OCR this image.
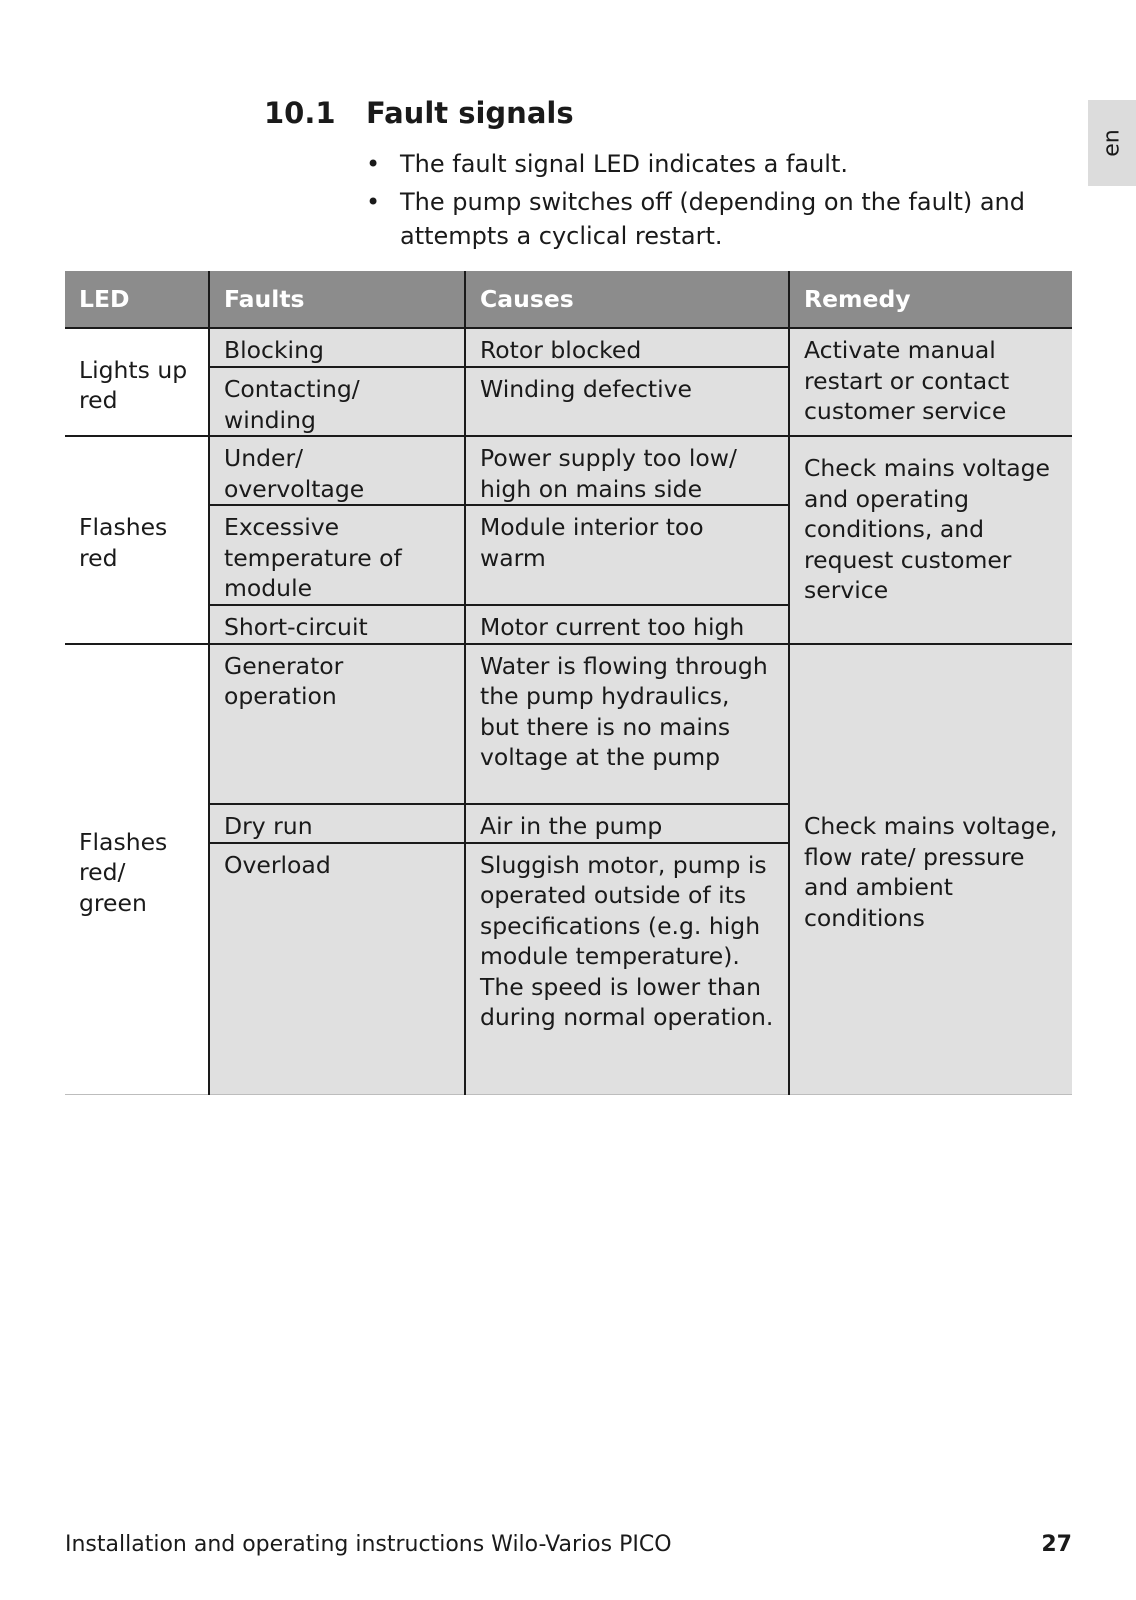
en
10.1 Fault signals
• The fault signal LED indicates a fault.
• The pump switches off (depending on the fault) and attempts a cyclical restart.
LED	Faults	Causes	Remedy
Lights up red	Blocking	Rotor blocked	Activate manual restart or contact customer service
	Contacting/ winding	Winding defective	
Flashes red	Under/ overvoltage	Power supply too low/ high on mains side	Check mains voltage and operating conditions, and request customer service
	Excessive temperature of module	Module interior too warm	
	Short-circuit	Motor current too high	
Flashes red/ green	Generator operation	Water is flowing through the pump hydraulics, but there is no mains voltage at the pump	Check mains voltage, flow rate/ pressure and ambient conditions
	Dry run	Air in the pump	
	Overload	Sluggish motor, pump is operated outside of its specifications (e.g. high module temperature). The speed is lower than during normal operation.	
Installation and operating instructions Wilo-Varios PICO	27
